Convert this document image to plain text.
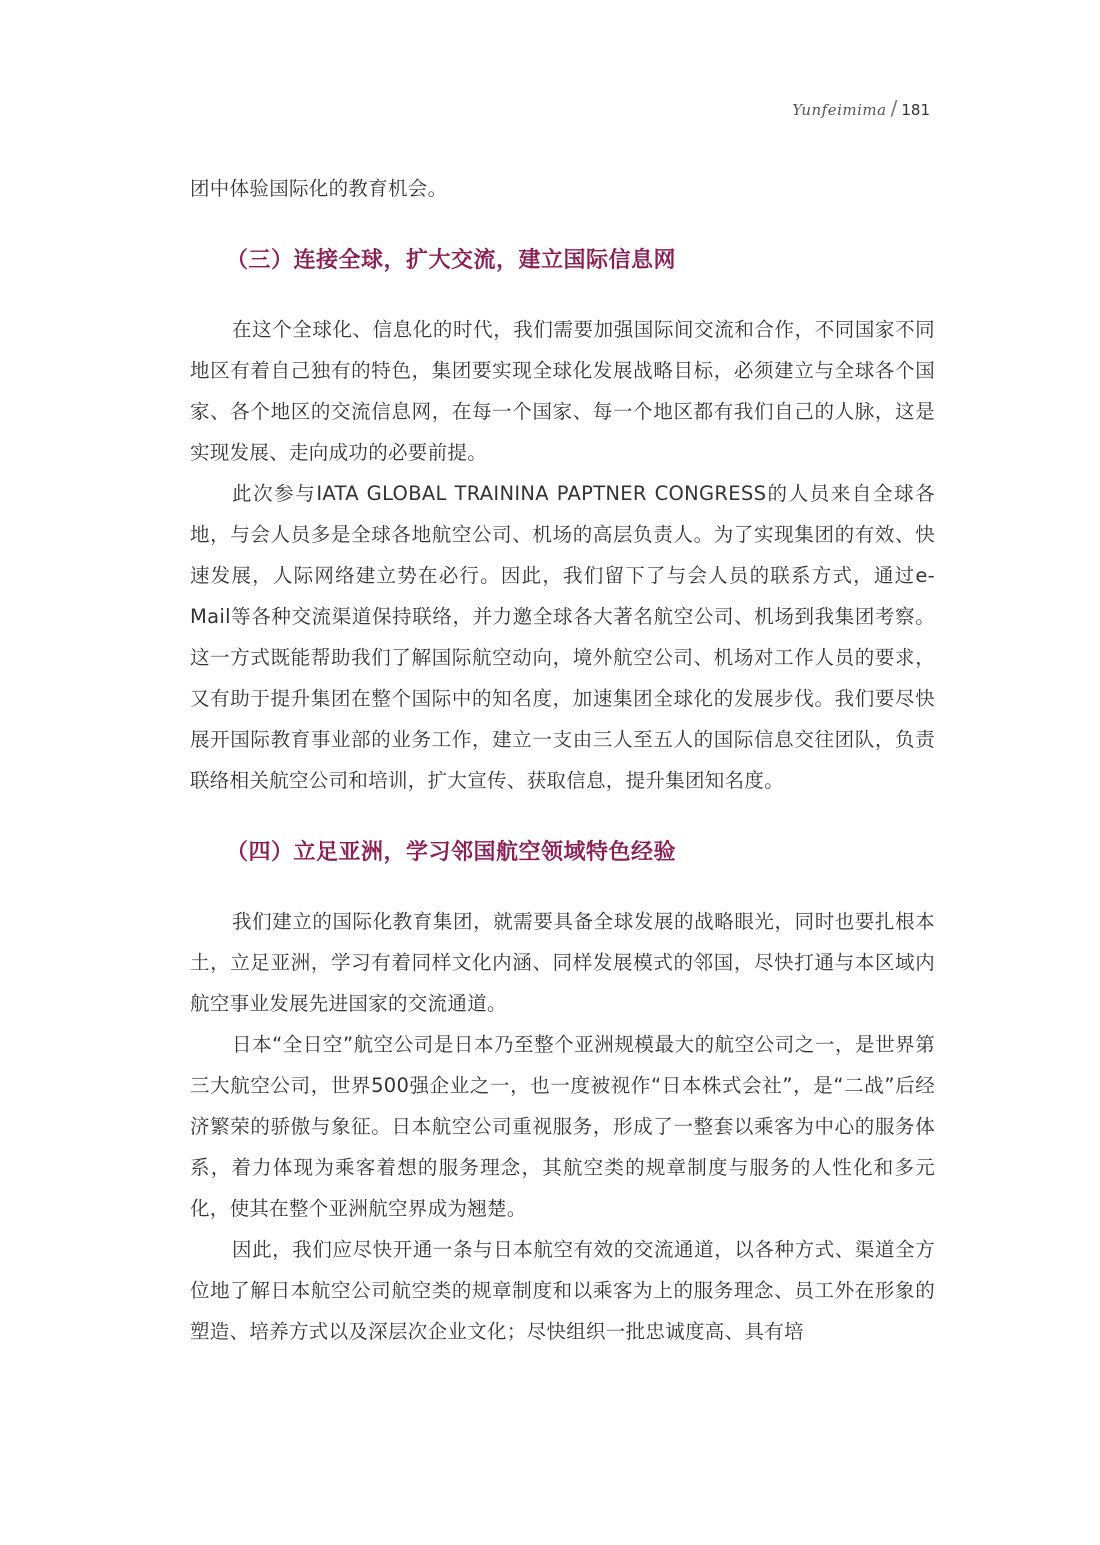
Yunfeimima / 181

团中体验国际化的教育机会。

（三）连接全球，扩大交流，建立国际信息网

在这个全球化、信息化的时代，我们需要加强国际间交流和合作，不同国家不同地区有着自己独有的特色，集团要实现全球化发展战略目标，必须建立与全球各个国家、各个地区的交流信息网，在每一个国家、每一个地区都有我们自己的人脉，这是实现发展、走向成功的必要前提。

此次参与IATA GLOBAL TRAININA PAPTNER CONGRESS的人员来自全球各地，与会人员多是全球各地航空公司、机场的高层负责人。为了实现集团的有效、快速发展，人际网络建立势在必行。因此，我们留下了与会人员的联系方式，通过e-Mail等各种交流渠道保持联络，并力邀全球各大著名航空公司、机场到我集团考察。这一方式既能帮助我们了解国际航空动向，境外航空公司、机场对工作人员的要求，又有助于提升集团在整个国际中的知名度，加速集团全球化的发展步伐。我们要尽快展开国际教育事业部的业务工作，建立一支由三人至五人的国际信息交往团队，负责联络相关航空公司和培训，扩大宣传、获取信息，提升集团知名度。

（四）立足亚洲，学习邻国航空领域特色经验

我们建立的国际化教育集团，就需要具备全球发展的战略眼光，同时也要扎根本土，立足亚洲，学习有着同样文化内涵、同样发展模式的邻国，尽快打通与本区域内航空事业发展先进国家的交流通道。

日本“全日空”航空公司是日本乃至整个亚洲规模最大的航空公司之一，是世界第三大航空公司，世界500强企业之一，也一度被视作“日本株式会社”，是“二战”后经济繁荣的骄傲与象征。日本航空公司重视服务，形成了一整套以乘客为中心的服务体系，着力体现为乘客着想的服务理念，其航空类的规章制度与服务的人性化和多元化，使其在整个亚洲航空界成为翘楚。

因此，我们应尽快开通一条与日本航空有效的交流通道，以各种方式、渠道全方位地了解日本航空公司航空类的规章制度和以乘客为上的服务理念、员工外在形象的塑造、培养方式以及深层次企业文化；尽快组织一批忠诚度高、具有培
